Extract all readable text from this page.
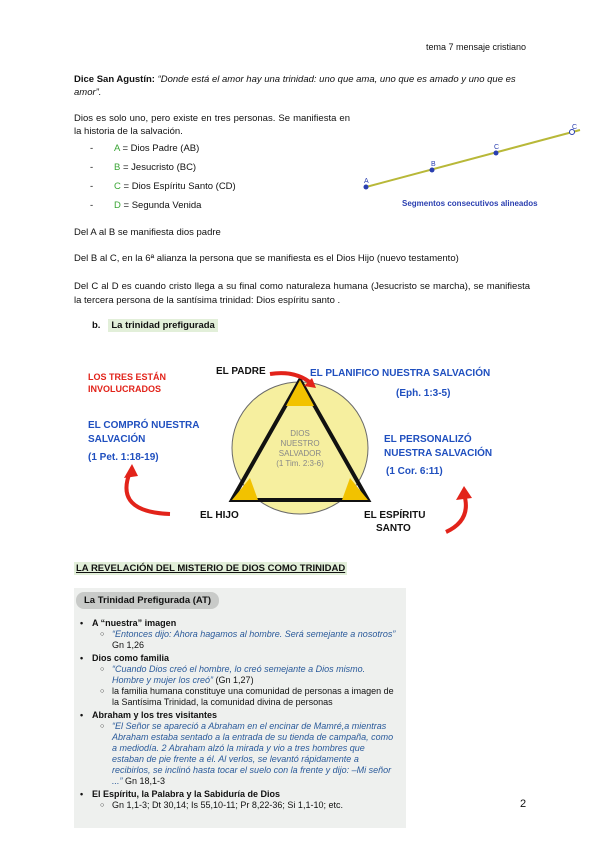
tema 7 mensaje cristiano
Dice San Agustín: “Donde está el amor hay una trinidad: uno que ama, uno que es amado y uno que es amor”.
Dios es solo uno, pero existe en tres personas. Se manifiesta en la historia de la salvación.
- A = Dios Padre (AB)
- B = Jesucristo (BC)
- C = Dios Espíritu Santo (CD)
- D = Segunda Venida
A
B
C
C
Segmentos consecutivos alineados
Del A al B se manifiesta dios padre
Del B al C, en la 6ª alianza la persona que se manifiesta es el Dios Hijo (nuevo testamento)
Del C al D es cuando cristo llega a su final como naturaleza humana (Jesucristo se marcha), se manifiesta la tercera persona de la santísima trinidad: Dios espíritu santo .
b. La trinidad prefigurada
DIOS
NUESTRO
SALVADOR
(1 Tim. 2:3-6)
LOS TRES ESTÁN
INVOLUCRADOS
EL PADRE
EL HIJO	EL ESPÍRITU
SANTO
EL PLANIFICO NUESTRA SALVACIÓN
(Eph. 1:3-5)
EL COMPRÓ NUESTRA
SALVACIÓN
(1 Pet. 1:18-19)
EL PERSONALIZÓ
NUESTRA SALVACIÓN
(1 Cor. 6:11)
LA REVELACIÓN DEL MISTERIO DE DIOS COMO TRINIDAD
La Trinidad Prefigurada (AT)

• A “nuestra” imagen

○ “Entonces dijo: Ahora hagamos al hombre. Será semejante a nosotros” Gn 1,26

• Dios como familia

○ “Cuando Dios creó el hombre, lo creó semejante a Dios mismo. Hombre y mujer los creó” (Gn 1,27)

○ la familia humana constituye una comunidad de personas a imagen de la Santísima Trinidad, la comunidad divina de personas

• Abraham y los tres visitantes

○ “El Señor se apareció a Abraham en el encinar de Mamré,a mientras Abraham estaba sentado a la entrada de su tienda de campaña, como a mediodía. 2 Abraham alzó la mirada y vio a tres hombres que estaban de pie frente a él. Al verlos, se levantó rápidamente a recibirlos, se inclinó hasta tocar el suelo con la frente y dijo: –Mi señor ...” Gn 18,1-3

• El Espíritu, la Palabra y la Sabiduría de Dios

○ Gn 1,1-3; Dt 30,14; Is 55,10-11; Pr 8,22-36; Si 1,1-10; etc.	2
